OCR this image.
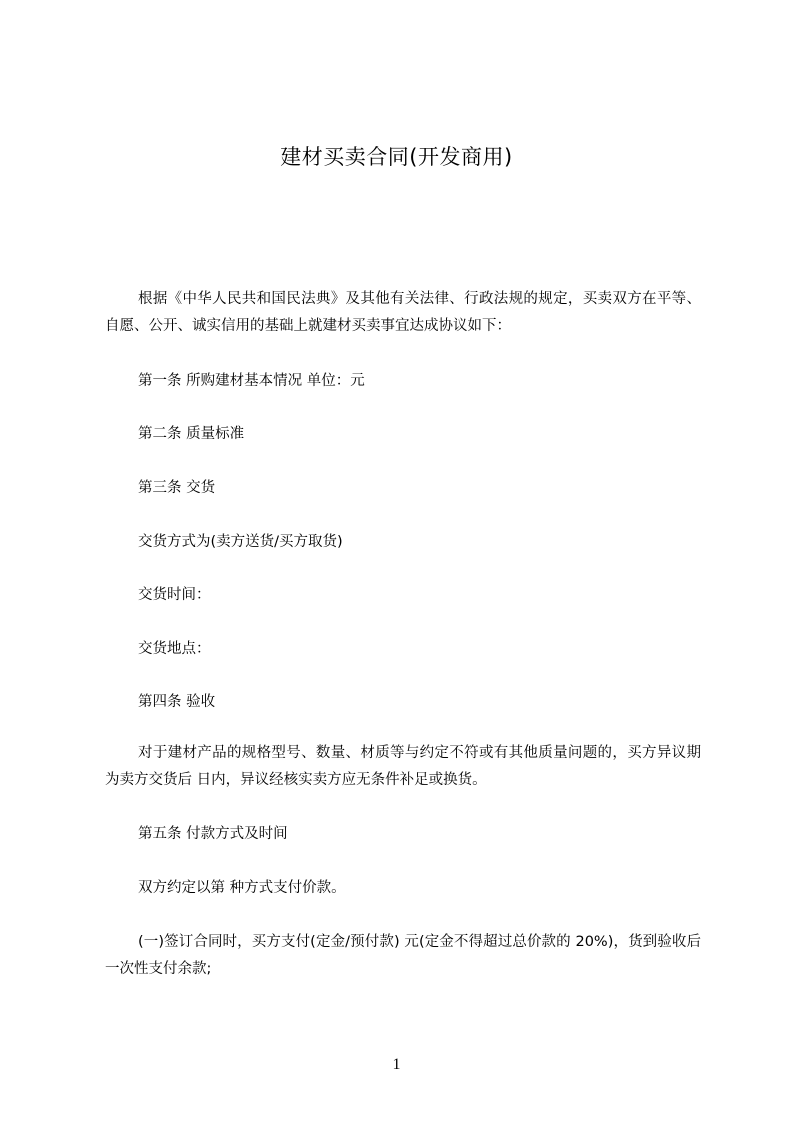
建材买卖合同(开发商用)

根据《中华人民共和国民法典》及其他有关法律、行政法规的规定，买卖双方在平等、自愿、公开、诚实信用的基础上就建材买卖事宜达成协议如下：

第一条 所购建材基本情况 单位：元

第二条 质量标准

第三条 交货

交货方式为(卖方送货/买方取货)

交货时间：

交货地点：

第四条 验收

对于建材产品的规格型号、数量、材质等与约定不符或有其他质量问题的，买方异议期为卖方交货后 日内，异议经核实卖方应无条件补足或换货。

第五条 付款方式及时间

双方约定以第 种方式支付价款。

(一)签订合同时，买方支付(定金/预付款) 元(定金不得超过总价款的 20%)，货到验收后一次性支付余款;

1
